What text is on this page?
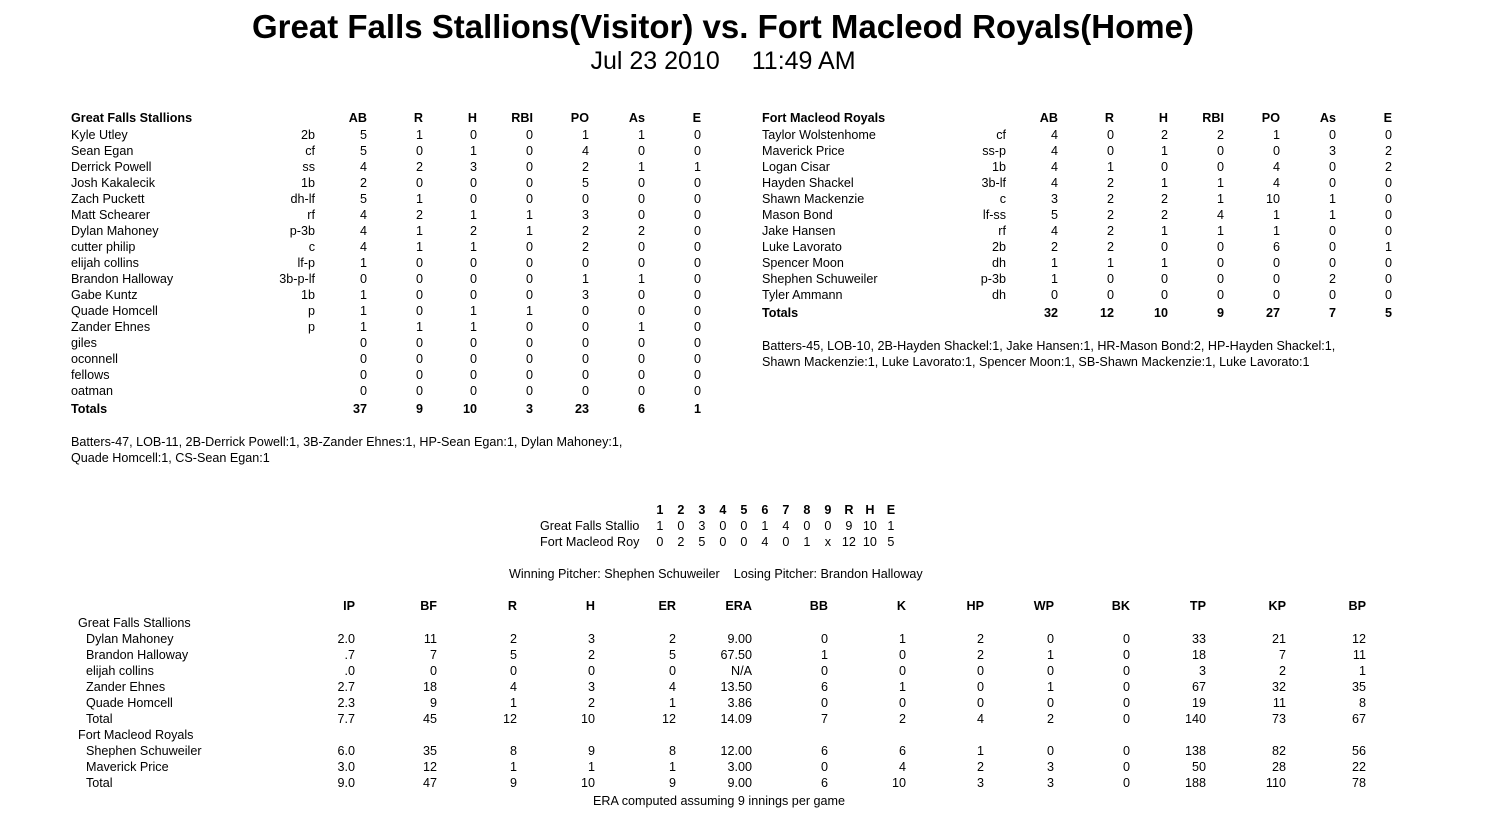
Great Falls Stallions(Visitor) vs. Fort Macleod Royals(Home)
Jul 23 2010 11:49 AM
Great Falls Stallions		AB	R	H	RBI	PO	As	E
Kyle Utley	2b	5	1	0	0	1	1	0
Sean Egan	cf	5	0	1	0	4	0	0
Derrick Powell	ss	4	2	3	0	2	1	1
Josh Kakalecik	1b	2	0	0	0	5	0	0
Zach Puckett	dh-lf	5	1	0	0	0	0	0
Matt Schearer	rf	4	2	1	1	3	0	0
Dylan Mahoney	p-3b	4	1	2	1	2	2	0
cutter philip	c	4	1	1	0	2	0	0
elijah collins	lf-p	1	0	0	0	0	0	0
Brandon Halloway	3b-p-lf	0	0	0	0	1	1	0
Gabe Kuntz	1b	1	0	0	0	3	0	0
Quade Homcell	p	1	0	1	1	0	0	0
Zander Ehnes	p	1	1	1	0	0	1	0
giles		0	0	0	0	0	0	0
oconnell		0	0	0	0	0	0	0
fellows		0	0	0	0	0	0	0
oatman		0	0	0	0	0	0	0
Totals		37	9	10	3	23	6	1
Fort Macleod Royals		AB	R	H	RBI	PO	As	E
Taylor Wolstenhome	cf	4	0	2	2	1	0	0
Maverick Price	ss-p	4	0	1	0	0	3	2
Logan Cisar	1b	4	1	0	0	4	0	2
Hayden Shackel	3b-lf	4	2	1	1	4	0	0
Shawn Mackenzie	c	3	2	2	1	10	1	0
Mason Bond	lf-ss	5	2	2	4	1	1	0
Jake Hansen	rf	4	2	1	1	1	0	0
Luke Lavorato	2b	2	2	0	0	6	0	1
Spencer Moon	dh	1	1	1	0	0	0	0
Shephen Schuweiler	p-3b	1	0	0	0	0	2	0
Tyler Ammann	dh	0	0	0	0	0	0	0
Totals		32	12	10	9	27	7	5
Batters-47, LOB-11, 2B-Derrick Powell:1, 3B-Zander Ehnes:1, HP-Sean Egan:1, Dylan Mahoney:1,
Quade Homcell:1, CS-Sean Egan:1
Batters-45, LOB-10, 2B-Hayden Shackel:1, Jake Hansen:1, HR-Mason Bond:2, HP-Hayden Shackel:1,
Shawn Mackenzie:1, Luke Lavorato:1, Spencer Moon:1, SB-Shawn Mackenzie:1, Luke Lavorato:1
	1	2	3	4	5	6	7	8	9	R	H	E
Great Falls Stallio	1	0	3	0	0	1	4	0	0	9	10	1
Fort Macleod Roy	0	2	5	0	0	4	0	1	x	12	10	5
Winning Pitcher: Shephen Schuweiler Losing Pitcher: Brandon Halloway
	IP	BF	R	H	ER	ERA	BB	K	HP	WP	BK	TP	KP	BP
Great Falls Stallions														
Dylan Mahoney	2.0	11	2	3	2	9.00	0	1	2	0	0	33	21	12
Brandon Halloway	.7	7	5	2	5	67.50	1	0	2	1	0	18	7	11
elijah collins	.0	0	0	0	0	N/A	0	0	0	0	0	3	2	1
Zander Ehnes	2.7	18	4	3	4	13.50	6	1	0	1	0	67	32	35
Quade Homcell	2.3	9	1	2	1	3.86	0	0	0	0	0	19	11	8
Total	7.7	45	12	10	12	14.09	7	2	4	2	0	140	73	67
Fort Macleod Royals														
Shephen Schuweiler	6.0	35	8	9	8	12.00	6	6	1	0	0	138	82	56
Maverick Price	3.0	12	1	1	1	3.00	0	4	2	3	0	50	28	22
Total	9.0	47	9	10	9	9.00	6	10	3	3	0	188	110	78
ERA computed assuming 9 innings per game
